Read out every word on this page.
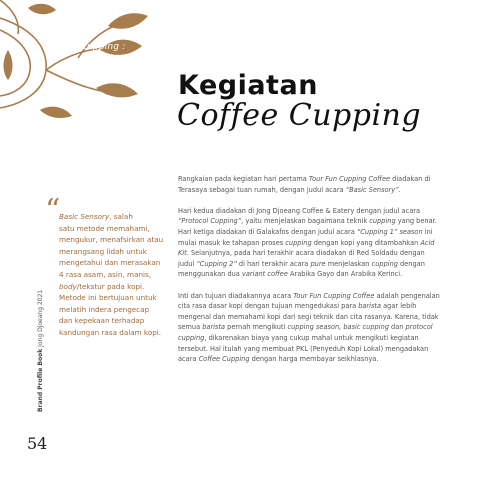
Coffee Cupping :
Kegiatan
Coffee Cupping
“

Basic Sensory, salah

satu metode memahami,

mengukur, menafsirkan atau

merangsang lidah untuk

mengetahui dan merasakan

4 rasa asam, asin, manis,

body/tekstur pada kopi.

Metode ini bertujuan untuk

melatih indera pengecap

dan kepekaan terhadap

kandungan rasa dalam kopi.

Brand Profile Book Jong Djoeang 2021
54

Rangkaian pada kegiatan hari pertama Tour Fun Cupping Coffee diadakan di Terasaya sebagai tuan rumah, dengan judul acara “Basic Sensory”.

Hari kedua diadakan di Jong Djoeang Coffee & Eatery dengan judul acara “Protocol Cupping”, yaitu menjelaskan bagaimana teknik cupping yang benar. Hari ketiga diadakan di Galakafos dengan judul acara “Cupping 1” season ini mulai masuk ke tahapan proses cupping dengan kopi yang ditambahkan Acid Kit. Selanjutnya, pada hari terakhir acara diadakan di Red Soldadu dengan judul “Cupping 2” di hari terakhir acara pure menjelaskan cupping dengan menggunakan dua variant coffee Arabika Gayo dan Arabika Kerinci.

Inti dan tujuan diadakannya acara Tour Fun Cupping Coffee adalah pengenalan cita rasa dasar kopi dengan tujuan mengedukasi para barista agar lebih mengenal dan memahami kopi dari segi teknik dan cita rasanya. Karena, tidak semua barista pernah mengikuti cupping season, basic cupping dan protocol cupping, dikarenakan biaya yang cukup mahal untuk mengikuti kegiatan tersebut. Hal itulah yang membuat PKL (Penyeduh Kopi Lokal) mengadakan acara Coffee Cupping dengan harga membayar seikhlasnya.
